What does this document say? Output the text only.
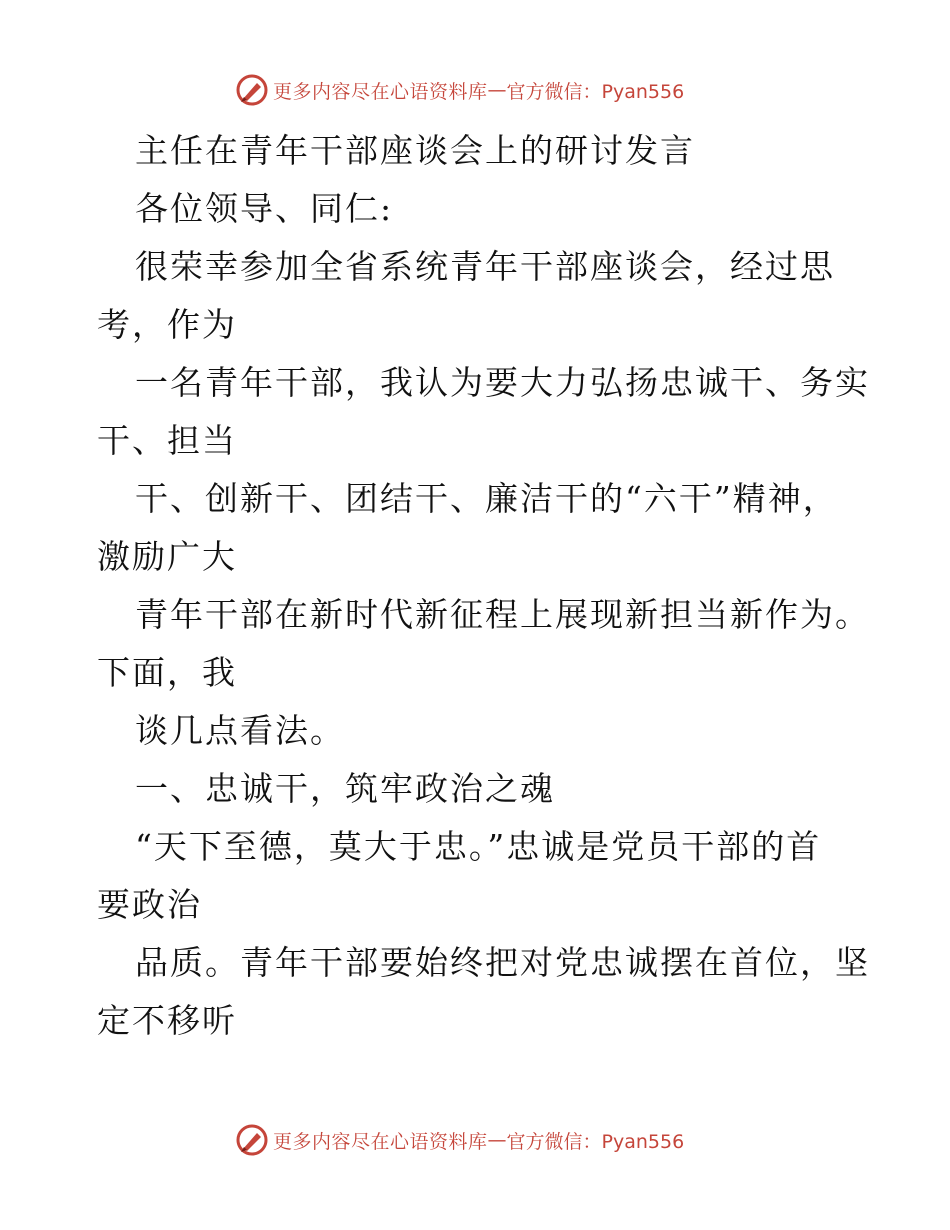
更多内容尽在心语资料库 — 官方微信：Pyan556
主任在青年干部座谈会上的研讨发言
各位领导、同仁:
很荣幸参加全省系统青年干部座谈会，经过思
考，作为
一名青年干部，我认为要大力弘扬忠诚干、务实
干、担当
干、创新干、团结干、廉洁干的“六干”精神，
激励广大
青年干部在新时代新征程上展现新担当新作为。
下面，我
谈几点看法。
一、忠诚干，筑牢政治之魂
“天下至德，莫大于忠。”忠诚是党员干部的首
要政治
品质。青年干部要始终把对党忠诚摆在首位，坚
定不移听
更多内容尽在心语资料库 — 官方微信：Pyan556
